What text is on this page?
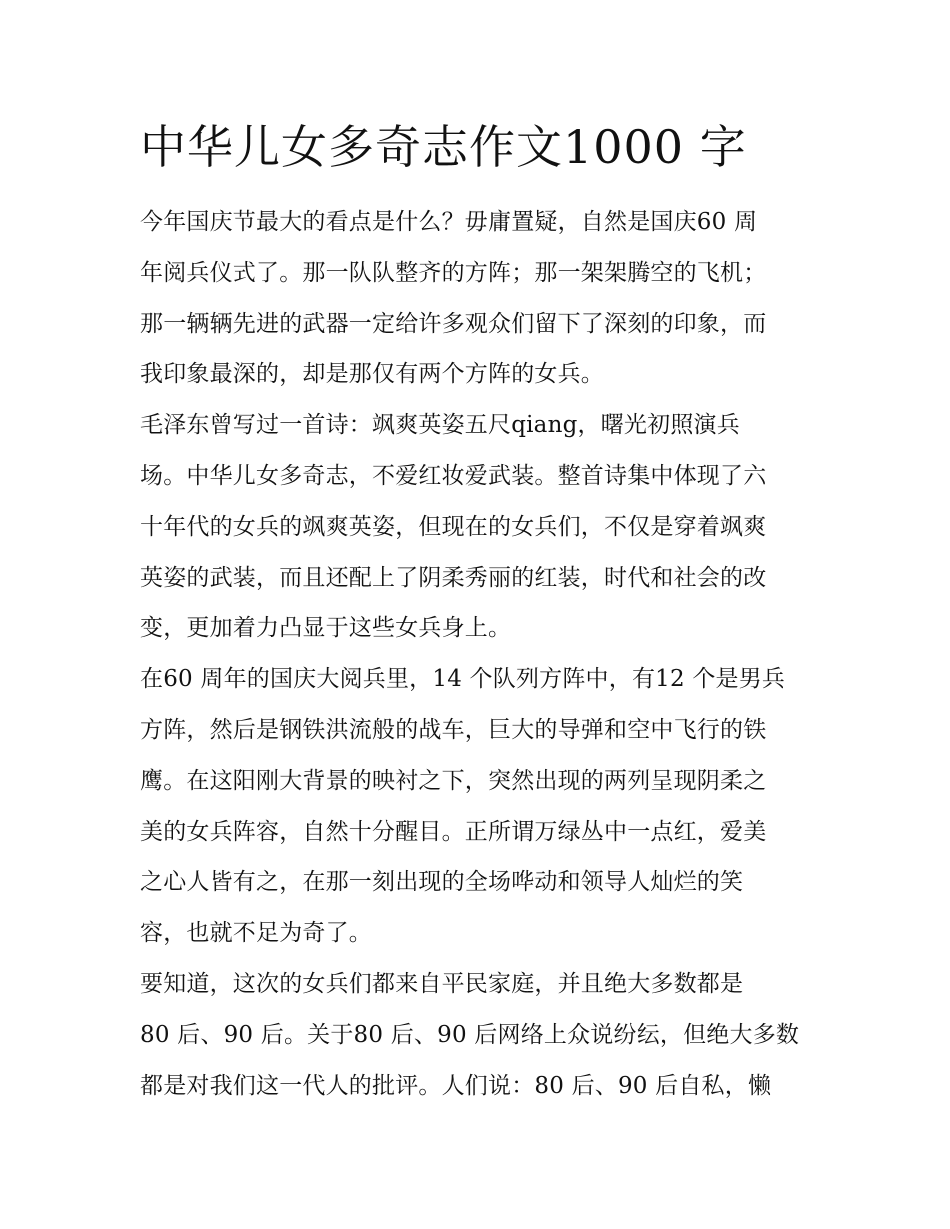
中华儿女多奇志作文1000 字

今年国庆节最大的看点是什么？毋庸置疑，自然是国庆60 周
年阅兵仪式了。那一队队整齐的方阵；那一架架腾空的飞机；
那一辆辆先进的武器一定给许多观众们留下了深刻的印象，而
我印象最深的，却是那仅有两个方阵的女兵。

毛泽东曾写过一首诗：飒爽英姿五尺qiang，曙光初照演兵
场。中华儿女多奇志，不爱红妆爱武装。整首诗集中体现了六
十年代的女兵的飒爽英姿，但现在的女兵们，不仅是穿着飒爽
英姿的武装，而且还配上了阴柔秀丽的红装，时代和社会的改
变，更加着力凸显于这些女兵身上。

在60 周年的国庆大阅兵里，14 个队列方阵中，有12 个是男兵
方阵，然后是钢铁洪流般的战车，巨大的导弹和空中飞行的铁
鹰。在这阳刚大背景的映衬之下，突然出现的两列呈现阴柔之
美的女兵阵容，自然十分醒目。正所谓万绿丛中一点红，爱美
之心人皆有之，在那一刻出现的全场哗动和领导人灿烂的笑
容，也就不足为奇了。

要知道，这次的女兵们都来自平民家庭，并且绝大多数都是
80 后、90 后。关于80 后、90 后网络上众说纷纭，但绝大多数
都是对我们这一代人的批评。人们说：80 后、90 后自私，懒
